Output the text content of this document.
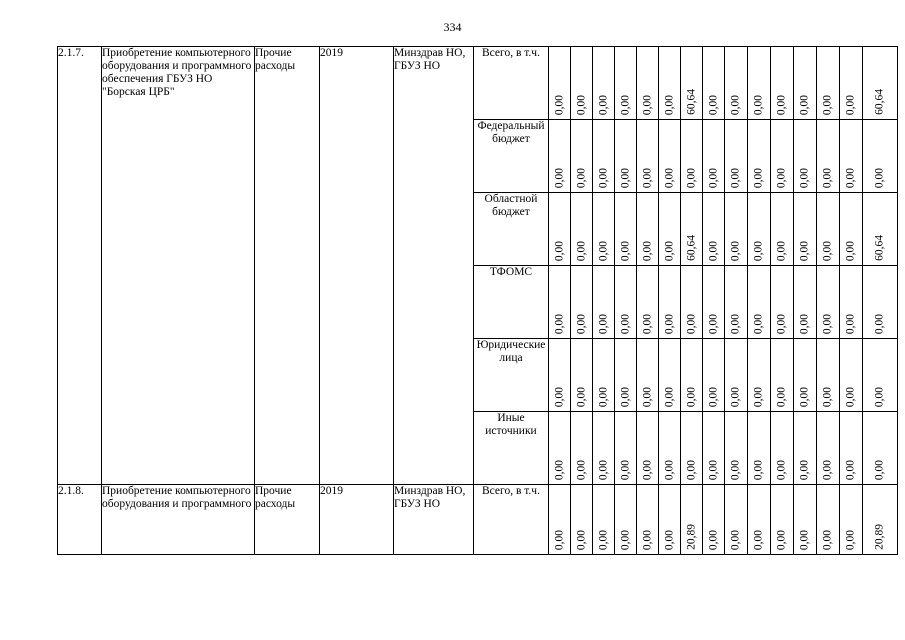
334
2.1.7.	Приобретение компьютерного оборудования и программного обеспечения ГБУЗ НО "Борская ЦРБ"	Прочие расходы	2019	Минздрав НО, ГБУЗ НО	Всего, в т.ч.	0,00	0,00	0,00	0,00	0,00	0,00	60,64	0,00	0,00	0,00	0,00	0,00	0,00	0,00	60,64

					Федеральный бюджет	0,00	0,00	0,00	0,00	0,00	0,00	0,00	0,00	0,00	0,00	0,00	0,00	0,00	0,00	0,00

					Областной бюджет	0,00	0,00	0,00	0,00	0,00	0,00	60,64	0,00	0,00	0,00	0,00	0,00	0,00	0,00	60,64

					ТФОМС	0,00	0,00	0,00	0,00	0,00	0,00	0,00	0,00	0,00	0,00	0,00	0,00	0,00	0,00	0,00

					Юридические лица	0,00	0,00	0,00	0,00	0,00	0,00	0,00	0,00	0,00	0,00	0,00	0,00	0,00	0,00	0,00

					Иные источники	0,00	0,00	0,00	0,00	0,00	0,00	0,00	0,00	0,00	0,00	0,00	0,00	0,00	0,00	0,00

2.1.8.	Приобретение компьютерного оборудования и программного	Прочие расходы	2019	Минздрав НО, ГБУЗ НО	Всего, в т.ч.	0,00	0,00	0,00	0,00	0,00	0,00	20,89	0,00	0,00	0,00	0,00	0,00	0,00	0,00	20,89
